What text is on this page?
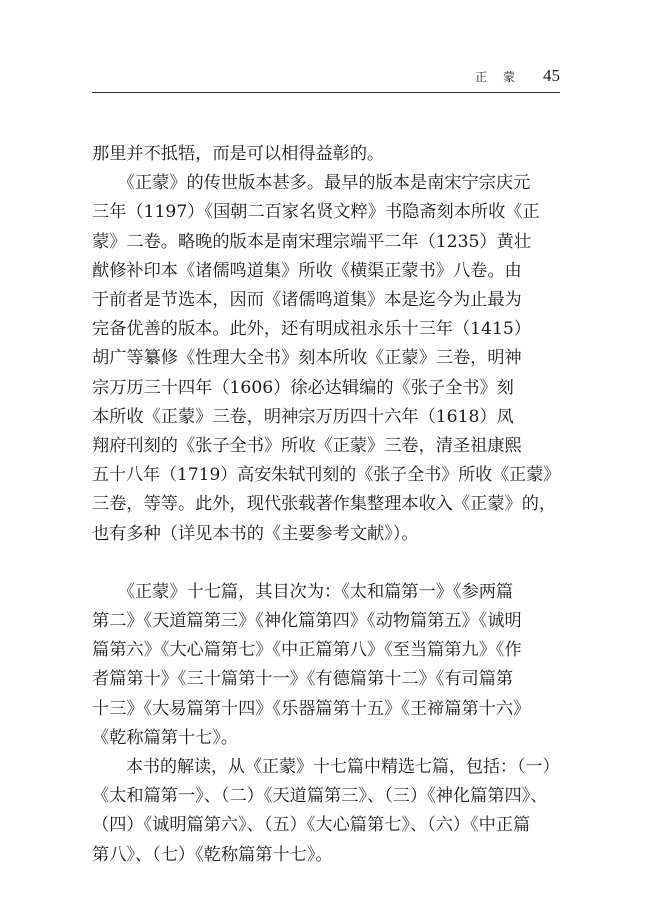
正 蒙 45

那里并不抵牾，而是可以相得益彰的。

　　《正蒙》的传世版本甚多。最早的版本是南宋宁宗庆元

三年（1197）《国朝二百家名贤文粹》书隐斋刻本所收《正

蒙》二卷。略晚的版本是南宋理宗端平二年（1235）黄壮

猷修补印本《诸儒鸣道集》所收《横渠正蒙书》八卷。由

于前者是节选本，因而《诸儒鸣道集》本是迄今为止最为

完备优善的版本。此外，还有明成祖永乐十三年（1415）

胡广等纂修《性理大全书》刻本所收《正蒙》三卷，明神

宗万历三十四年（1606）徐必达辑编的《张子全书》刻

本所收《正蒙》三卷，明神宗万历四十六年（1618）凤

翔府刊刻的《张子全书》所收《正蒙》三卷，清圣祖康熙

五十八年（1719）高安朱轼刊刻的《张子全书》所收《正蒙》

三卷，等等。此外，现代张载著作集整理本收入《正蒙》的，

也有多种（详见本书的《主要参考文献》）。

　　《正蒙》十七篇，其目次为：《太和篇第一》《参两篇

第二》《天道篇第三》《神化篇第四》《动物篇第五》《诚明

篇第六》《大心篇第七》《中正篇第八》《至当篇第九》《作

者篇第十》《三十篇第十一》《有德篇第十二》《有司篇第

十三》《大易篇第十四》《乐器篇第十五》《王禘篇第十六》

《乾称篇第十七》。

　　本书的解读，从《正蒙》十七篇中精选七篇，包括：（一）

《太和篇第一》、（二）《天道篇第三》、（三）《神化篇第四》、

（四）《诚明篇第六》、（五）《大心篇第七》、（六）《中正篇

第八》、（七）《乾称篇第十七》。
